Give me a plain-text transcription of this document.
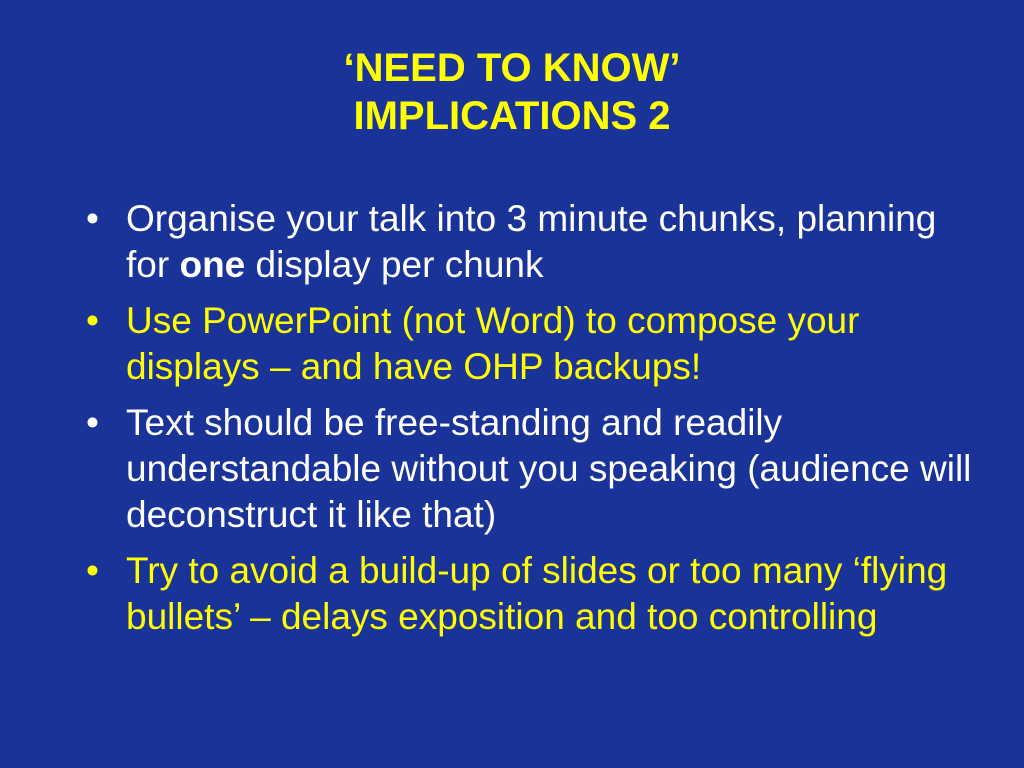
‘NEED TO KNOW’
IMPLICATIONS 2
• Organise your talk into 3 minute chunks, planning for one display per chunk
• Use PowerPoint (not Word) to compose your displays – and have OHP backups!
• Text should be free-standing and readily understandable without you speaking (audience will deconstruct it like that)
• Try to avoid a build-up of slides or too many ‘flying bullets’ – delays exposition and too controlling
